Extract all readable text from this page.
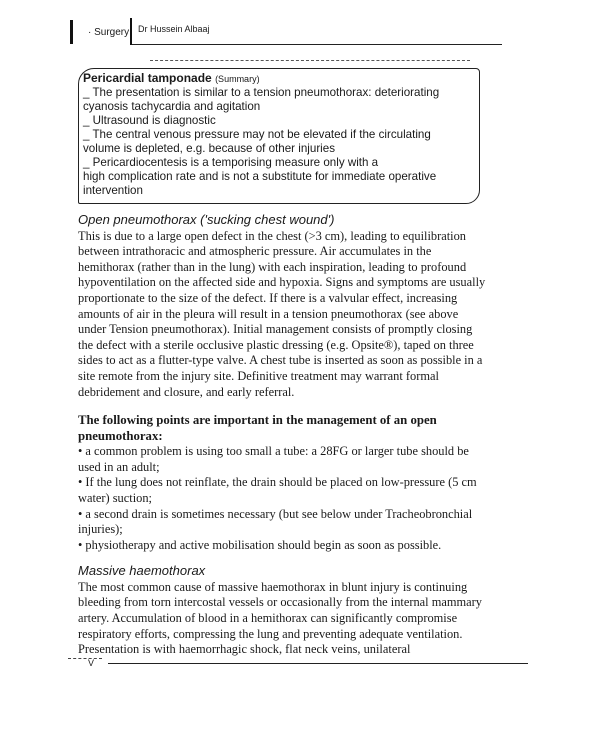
· Surgery Dr Hussein Albaaj
Pericardial tamponade (Summary)
_ The presentation is similar to a tension pneumothorax: deteriorating
cyanosis tachycardia and agitation
_ Ultrasound is diagnostic
_ The central venous pressure may not be elevated if the circulating
volume is depleted, e.g. because of other injuries
_ Pericardiocentesis is a temporising measure only with a
high complication rate and is not a substitute for immediate operative
intervention
Open pneumothorax ('sucking chest wound')

This is due to a large open defect in the chest (>3 cm), leading to equilibration between intrathoracic and atmospheric pressure. Air accumulates in the hemithorax (rather than in the lung) with each inspiration, leading to profound hypoventilation on the affected side and hypoxia. Signs and symptoms are usually proportionate to the size of the defect. If there is a valvular effect, increasing amounts of air in the pleura will result in a tension pneumothorax (see above under Tension pneumothorax). Initial management consists of promptly closing the defect with a sterile occlusive plastic dressing (e.g. Opsite®), taped on three sides to act as a flutter-type valve. A chest tube is inserted as soon as possible in a site remote from the injury site. Definitive treatment may warrant formal debridement and closure, and early referral.

The following points are important in the management of an open pneumothorax:

• a common problem is using too small a tube: a 28FG or larger tube should be used in an adult;

• If the lung does not reinflate, the drain should be placed on low-pressure (5 cm water) suction;

• a second drain is sometimes necessary (but see below under Tracheobronchial injuries);

• physiotherapy and active mobilisation should begin as soon as possible.

Massive haemothorax

The most common cause of massive haemothorax in blunt injury is continuing bleeding from torn intercostal vessels or occasionally from the internal mammary artery. Accumulation of blood in a hemithorax can significantly compromise respiratory efforts, compressing the lung and preventing adequate ventilation. Presentation is with haemorrhagic shock, flat neck veins, unilateral

V
